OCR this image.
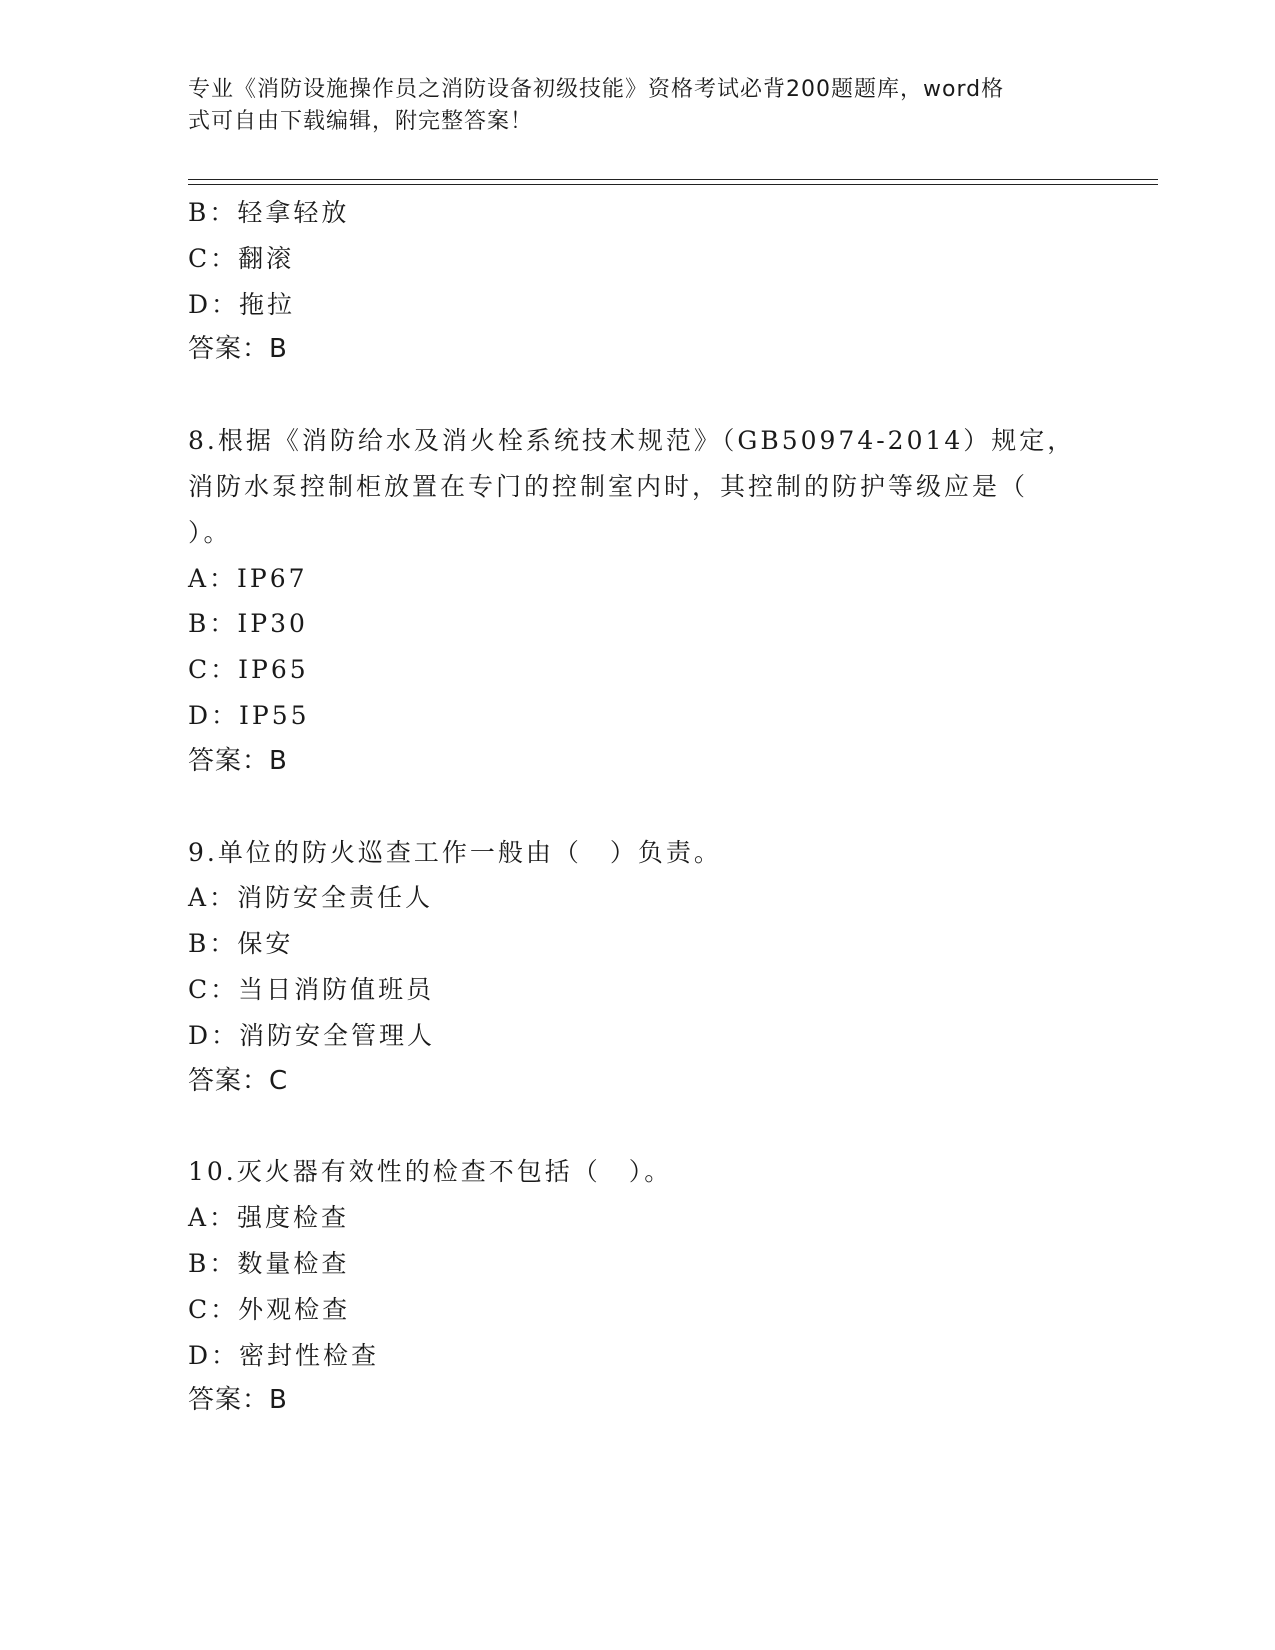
专业《消防设施操作员之消防设备初级技能》资格考试必背200题题库，word格
式可自由下载编辑，附完整答案！
B：轻拿轻放
C：翻滚
D：拖拉
答案：B
8.根据《消防给水及消火栓系统技术规范》（GB50974-2014）规定，
消防水泵控制柜放置在专门的控制室内时，其控制的防护等级应是（
）。
A：IP67
B：IP30
C：IP65
D：IP55
答案：B
9.单位的防火巡查工作一般由（　）负责。
A：消防安全责任人
B：保安
C：当日消防值班员
D：消防安全管理人
答案：C
10.灭火器有效性的检查不包括（　）。
A：强度检查
B：数量检查
C：外观检查
D：密封性检查
答案：B
